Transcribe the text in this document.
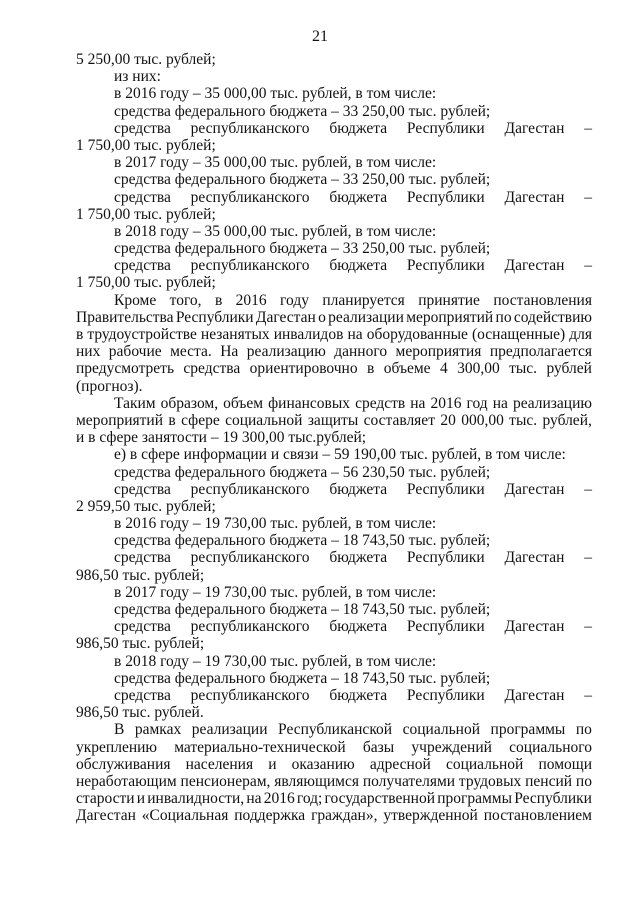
21
5 250,00 тыс. рублей;
из них:
в 2016 году – 35 000,00 тыс. рублей, в том числе:
средства федерального бюджета – 33 250,00 тыс. рублей;
средства республиканского бюджета Республики Дагестан –
1 750,00 тыс. рублей;
в 2017 году – 35 000,00 тыс. рублей, в том числе:
средства федерального бюджета – 33 250,00 тыс. рублей;
средства республиканского бюджета Республики Дагестан –
1 750,00 тыс. рублей;
в 2018 году – 35 000,00 тыс. рублей, в том числе:
средства федерального бюджета – 33 250,00 тыс. рублей;
средства республиканского бюджета Республики Дагестан –
1 750,00 тыс. рублей;
Кроме того, в 2016 году планируется принятие постановления
Правительства Республики Дагестан о реализации мероприятий по содействию
в трудоустройстве незанятых инвалидов на оборудованные (оснащенные) для
них рабочие места. На реализацию данного мероприятия предполагается
предусмотреть средства ориентировочно в объеме 4 300,00 тыс. рублей
(прогноз).
Таким образом, объем финансовых средств на 2016 год на реализацию
мероприятий в сфере социальной защиты составляет 20 000,00 тыс. рублей,
и в сфере занятости – 19 300,00 тыс.рублей;
е) в сфере информации и связи – 59 190,00 тыс. рублей, в том числе:
средства федерального бюджета – 56 230,50 тыс. рублей;
средства республиканского бюджета Республики Дагестан –
2 959,50 тыс. рублей;
в 2016 году – 19 730,00 тыс. рублей, в том числе:
средства федерального бюджета – 18 743,50 тыс. рублей;
средства республиканского бюджета Республики Дагестан –
986,50 тыс. рублей;
в 2017 году – 19 730,00 тыс. рублей, в том числе:
средства федерального бюджета – 18 743,50 тыс. рублей;
средства республиканского бюджета Республики Дагестан –
986,50 тыс. рублей;
в 2018 году – 19 730,00 тыс. рублей, в том числе:
средства федерального бюджета – 18 743,50 тыс. рублей;
средства республиканского бюджета Республики Дагестан –
986,50 тыс. рублей.
В рамках реализации Республиканской социальной программы по
укреплению материально-технической базы учреждений социального
обслуживания населения и оказанию адресной социальной помощи
неработающим пенсионерам, являющимся получателями трудовых пенсий по
старости и инвалидности, на 2016 год; государственной программы Республики
Дагестан «Социальная поддержка граждан», утвержденной постановлением
